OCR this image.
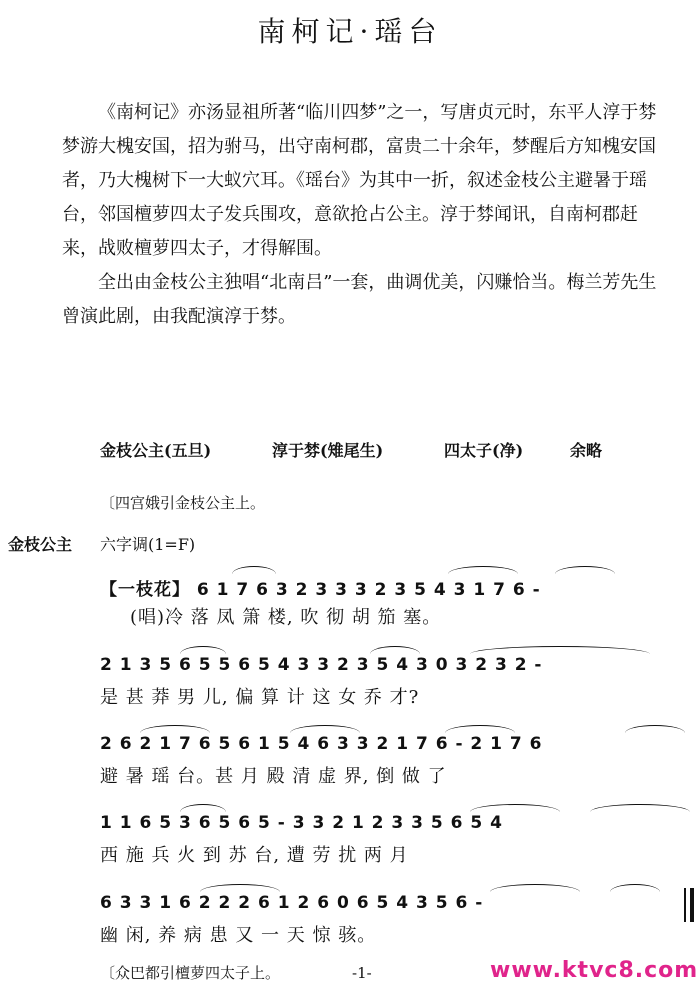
南柯记·瑶台

《南柯记》亦汤显祖所著“临川四梦”之一，写唐贞元时，东平人淳于棼梦游大槐安国，招为驸马，出守南柯郡，富贵二十余年，梦醒后方知槐安国者，乃大槐树下一大蚁穴耳。《瑶台》为其中一折，叙述金枝公主避暑于瑶台，邻国檀萝四太子发兵围攻，意欲抢占公主。淳于棼闻讯，自南柯郡赶来，战败檀萝四太子，才得解围。

全出由金枝公主独唱“北南吕”一套，曲调优美，闪赚恰当。梅兰芳先生曾演此剧，由我配演淳于棼。

金枝公主(五旦)	淳于棼(雉尾生)	四太子(净)	余略
〔四宫娥引金枝公主上。
金枝公主 六字调(1=F)
【一枝花】 6 1 7 6 3 2 3 3 3 2 3 5 4 3 1 7 6 -
(唱)冷 落 凤 箫 楼, 吹 彻 胡 笳 塞。
2 1 3 5 6 5 5 6 5 4 3 3 2 3 5 4 3 0 3 2 3 2 -
是 甚 莽 男 儿, 偏 算 计 这 女 乔 才?
2 6 2 1 7 6 5 6 1 5 4 6 3 3 2 1 7 6 - 2 1 7 6
避 暑 瑶 台。甚 月 殿 清 虚 界, 倒 做 了
1 1 6 5 3 6 5 6 5 - 3 3 2 1 2 3 3 5 6 5 4
西 施 兵 火 到 苏 台, 遭 劳 扰 两 月
6 3 3 1 6 2 2 2 6 1 2 6 0 6 5 4 3 5 6 -
幽 闲, 养 病 患 又 一 天 惊 骇。
〔众巴都引檀萝四太子上。	-1-	www.ktvc8.com
